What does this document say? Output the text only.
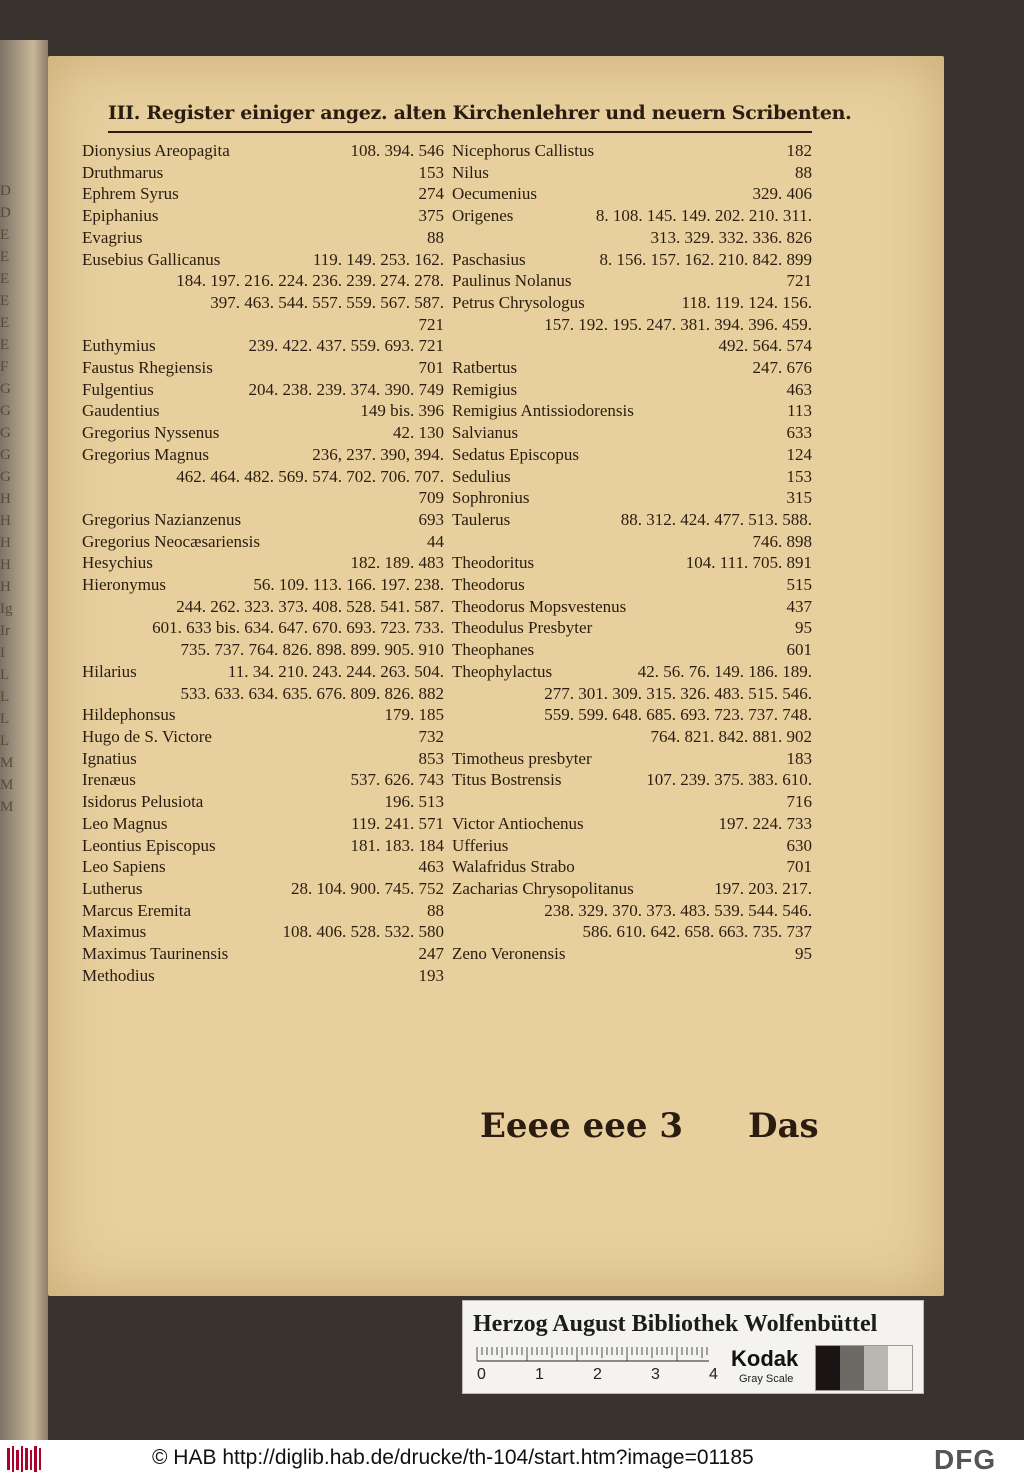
D
D
E
E
E
E
E
E
F
G
G
G
G
G
H
H
H
H
H
Ig
Ir
I
L
L
L
L
M
M
M
III. Register einiger angez. alten Kirchenlehrer und neuern Scribenten.
Dionysius Areopagita	108. 394. 546
Druthmarus	153
Ephrem Syrus	274
Epiphanius	375
Evagrius	88
Eusebius Gallicanus	119. 149. 253. 162.
184. 197. 216. 224. 236. 239. 274. 278.
397. 463. 544. 557. 559. 567. 587.
721
Euthymius	239. 422. 437. 559. 693. 721
Faustus Rhegiensis	701
Fulgentius	204. 238. 239. 374. 390. 749
Gaudentius	149 bis. 396
Gregorius Nyssenus	42. 130
Gregorius Magnus	236, 237. 390, 394.
462. 464. 482. 569. 574. 702. 706. 707.
709
Gregorius Nazianzenus	693
Gregorius Neocæsariensis	44
Hesychius	182. 189. 483
Hieronymus	56. 109. 113. 166. 197. 238.
244. 262. 323. 373. 408. 528. 541. 587.
601. 633 bis. 634. 647. 670. 693. 723. 733.
735. 737. 764. 826. 898. 899. 905. 910
Hilarius	11. 34. 210. 243. 244. 263. 504.
533. 633. 634. 635. 676. 809. 826. 882
Hildephonsus	179. 185
Hugo de S. Victore	732
Ignatius	853
Irenæus	537. 626. 743
Isidorus Pelusiota	196. 513
Leo Magnus	119. 241. 571
Leontius Episcopus	181. 183. 184
Leo Sapiens	463
Lutherus	28. 104. 900. 745. 752
Marcus Eremita	88
Maximus	108. 406. 528. 532. 580
Maximus Taurinensis	247
Methodius	193
Nicephorus Callistus	182
Nilus	88
Oecumenius	329. 406
Origenes	8. 108. 145. 149. 202. 210. 311.
313. 329. 332. 336. 826
Paschasius	8. 156. 157. 162. 210. 842. 899
Paulinus Nolanus	721
Petrus Chrysologus	118. 119. 124. 156.
157. 192. 195. 247. 381. 394. 396. 459.
492. 564. 574
Ratbertus	247. 676
Remigius	463
Remigius Antissiodorensis	113
Salvianus	633
Sedatus Episcopus	124
Sedulius	153
Sophronius	315
Taulerus	88. 312. 424. 477. 513. 588.
746. 898
Theodoritus	104. 111. 705. 891
Theodorus	515
Theodorus Mopsvestenus	437
Theodulus Presbyter	95
Theophanes	601
Theophylactus	42. 56. 76. 149. 186. 189.
277. 301. 309. 315. 326. 483. 515. 546.
559. 599. 648. 685. 693. 723. 737. 748.
764. 821. 842. 881. 902
Timotheus presbyter	183
Titus Bostrensis	107. 239. 375. 383. 610.
716
Victor Antiochenus	197. 224. 733
Ufferius	630
Walafridus Strabo	701
Zacharias Chrysopolitanus	197. 203. 217.
238. 329. 370. 373. 483. 539. 544. 546.
586. 610. 642. 658. 663. 735. 737
Zeno Veronensis	95
Eeee eee 3 Das
Herzog August Bibliothek Wolfenbüttel
0	1	2	3	4
Kodak
Gray Scale
© HAB http://diglib.hab.de/drucke/th-104/start.htm?image=01185	DFG
